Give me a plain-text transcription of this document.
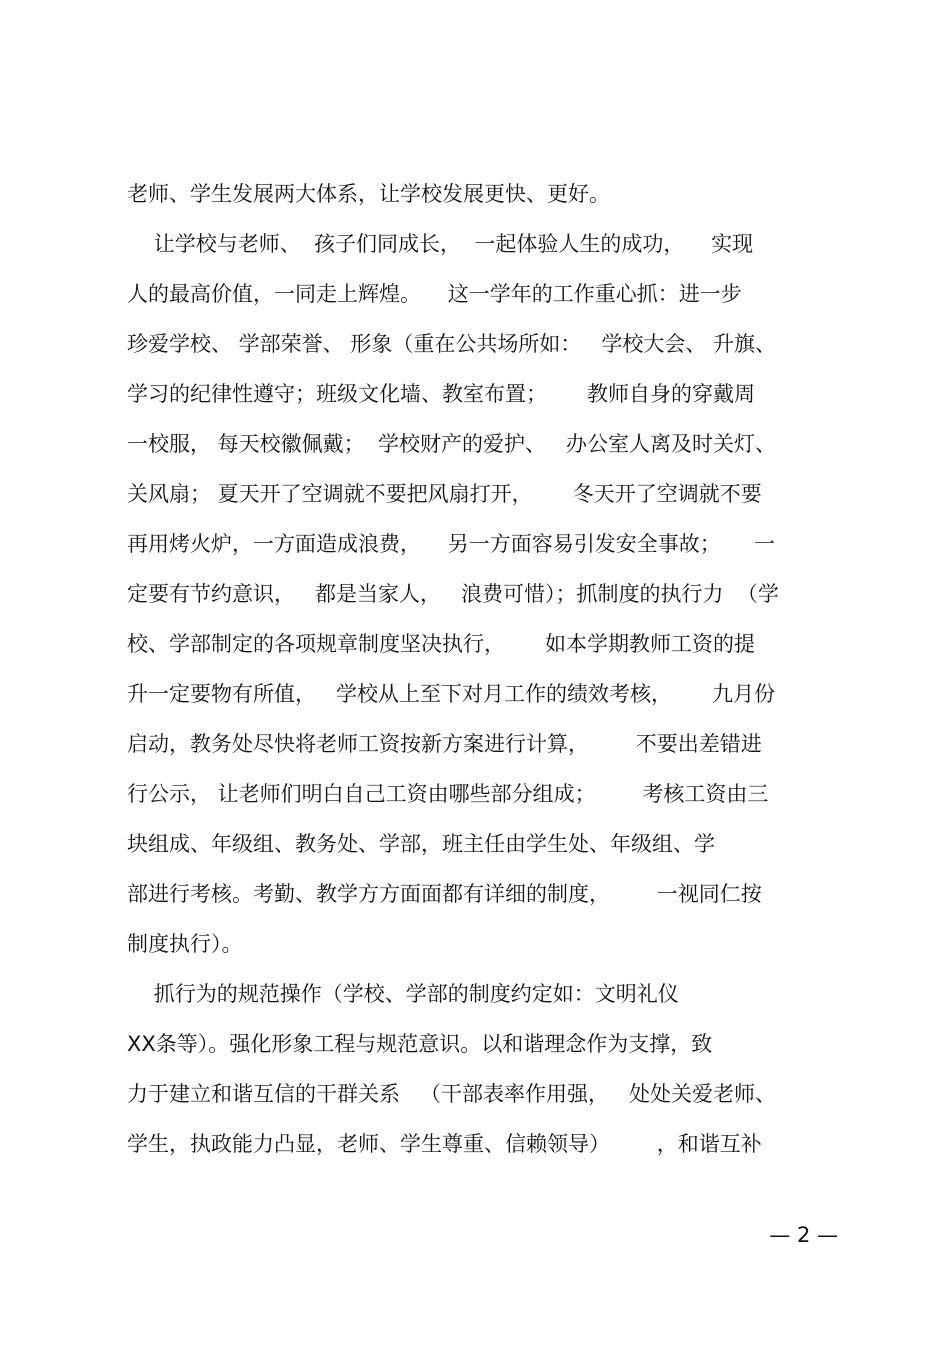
老师、学生发展两大体系，让学校发展更快、更好。
让学校与老师、  孩子们同成长，  一起体验人生的成功，    实现
人的最高价值，一同走上辉煌。    这一学年的工作重心抓：进一步
珍爱学校、 学部荣誉、 形象（重在公共场所如：   学校大会、 升旗、
学习的纪律性遵守；班级文化墙、教室布置；      教师自身的穿戴周
一校服， 每天校徽佩戴；  学校财产的爱护、   办公室人离及时关灯、
关风扇； 夏天开了空调就不要把风扇打开，      冬天开了空调就不要
再用烤火炉，一方面造成浪费，    另一方面容易引发安全事故；     一
定要有节约意识，   都是当家人，   浪费可惜）；抓制度的执行力  （学
校、学部制定的各项规章制度坚决执行，      如本学期教师工资的提
升一定要物有所值，   学校从上至下对月工作的绩效考核，      九月份
启动，教务处尽快将老师工资按新方案进行计算，       不要出差错进
行公示， 让老师们明白自己工资由哪些部分组成；       考核工资由三
块组成、年级组、教务处、学部，班主任由学生处、年级组、学
部进行考核。考勤、教学方方面面都有详细的制度，       一视同仁按
制度执行）。
抓行为的规范操作（学校、学部的制度约定如：文明礼仪
XX条等）。强化形象工程与规范意识。以和谐理念作为支撑，致
力于建立和谐互信的干群关系   （干部表率作用强，   处处关爱老师、
学生，执政能力凸显，老师、学生尊重、信赖领导）       ，和谐互补
— 2 —
